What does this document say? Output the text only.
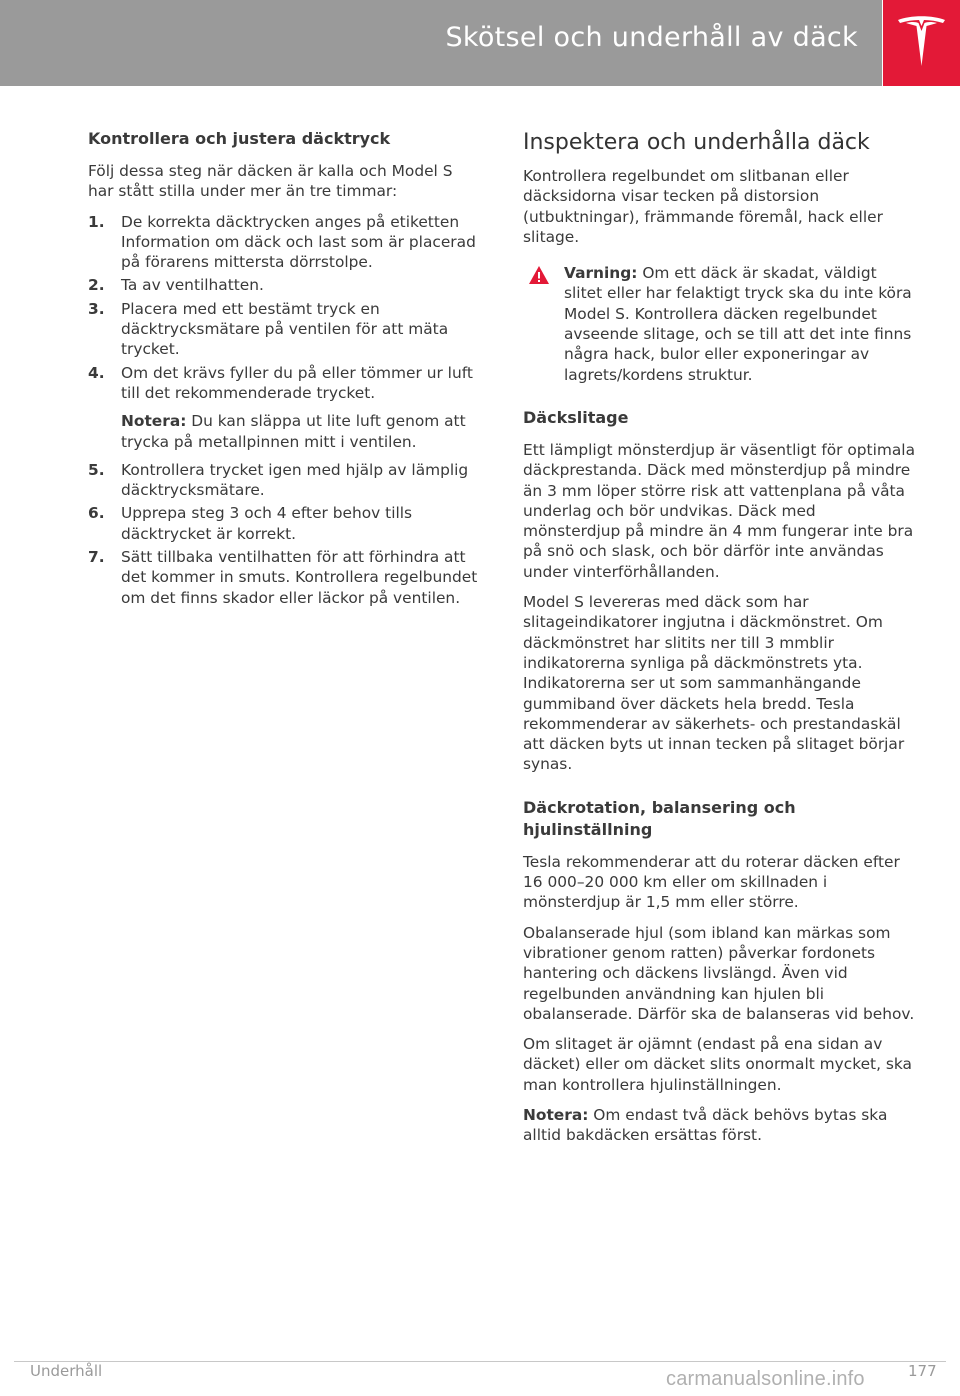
Skötsel och underhåll av däck
Kontrollera och justera däcktryck

Följ dessa steg när däcken är kalla och Model S har stått stilla under mer än tre timmar:

1. De korrekta däcktrycken anges på etiketten Information om däck och last som är placerad på förarens mittersta dörrstolpe.
2. Ta av ventilhatten.
3. Placera med ett bestämt tryck en däcktrycksmätare på ventilen för att mäta trycket.
4. Om det krävs fyller du på eller tömmer ur luft till det rekommenderade trycket.
Notera: Du kan släppa ut lite luft genom att trycka på metallpinnen mitt i ventilen.
5. Kontrollera trycket igen med hjälp av lämplig däcktrycksmätare.
6. Upprepa steg 3 och 4 efter behov tills däcktrycket är korrekt.
7. Sätt tillbaka ventilhatten för att förhindra att det kommer in smuts. Kontrollera regelbundet om det finns skador eller läckor på ventilen.
Inspektera och underhålla däck

Kontrollera regelbundet om slitbanan eller däcksidorna visar tecken på distorsion (utbuktningar), främmande föremål, hack eller slitage.

Varning: Om ett däck är skadat, väldigt slitet eller har felaktigt tryck ska du inte köra Model S. Kontrollera däcken regelbundet avseende slitage, och se till att det inte finns några hack, bulor eller exponeringar av lagrets/kordens struktur.
Däckslitage

Ett lämpligt mönsterdjup är väsentligt för optimala däckprestanda. Däck med mönsterdjup på mindre än 3 mm löper större risk att vattenplana på våta underlag och bör undvikas. Däck med mönsterdjup på mindre än 4 mm fungerar inte bra på snö och slask, och bör därför inte användas under vinterförhållanden.

Model S levereras med däck som har slitageindikatorer ingjutna i däckmönstret. Om däckmönstret har slitits ner till 3 mmblir indikatorerna synliga på däckmönstrets yta. Indikatorerna ser ut som sammanhängande gummiband över däckets hela bredd. Tesla rekommenderar av säkerhets- och prestandaskäl att däcken byts ut innan tecken på slitaget börjar synas.

Däckrotation, balansering och hjulinställning

Tesla rekommenderar att du roterar däcken efter 16 000–20 000 km eller om skillnaden i mönsterdjup är 1,5 mm eller större.

Obalanserade hjul (som ibland kan märkas som vibrationer genom ratten) påverkar fordonets hantering och däckens livslängd. Även vid regelbunden användning kan hjulen bli obalanserade. Därför ska de balanseras vid behov.

Om slitaget är ojämnt (endast på ena sidan av däcket) eller om däcket slits onormalt mycket, ska man kontrollera hjulinställningen.

Notera: Om endast två däck behövs bytas ska alltid bakdäcken ersättas först.

Underhåll	177
carmanualsonline.info
